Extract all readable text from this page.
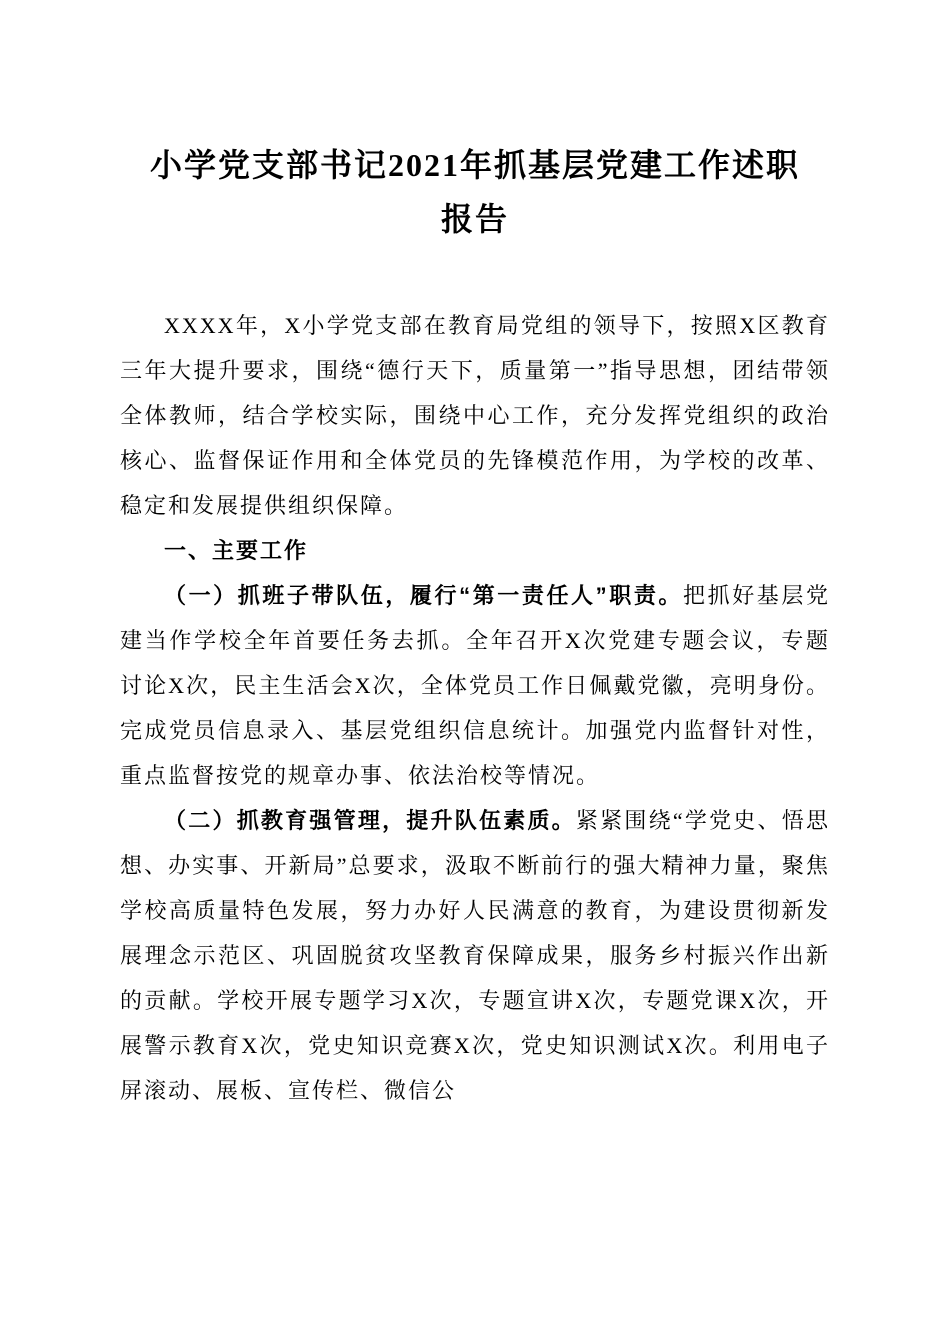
小学党支部书记2021年抓基层党建工作述职
报告

XXXX年，X小学党支部在教育局党组的领导下，按照X区教育三年大提升要求，围绕“德行天下，质量第一”指导思想，团结带领全体教师，结合学校实际，围绕中心工作，充分发挥党组织的政治核心、监督保证作用和全体党员的先锋模范作用，为学校的改革、稳定和发展提供组织保障。

一、主要工作

（一）抓班子带队伍，履行“第一责任人”职责。把抓好基层党建当作学校全年首要任务去抓。全年召开X次党建专题会议，专题讨论X次，民主生活会X次，全体党员工作日佩戴党徽，亮明身份。完成党员信息录入、基层党组织信息统计。加强党内监督针对性，重点监督按党的规章办事、依法治校等情况。

（二）抓教育强管理，提升队伍素质。紧紧围绕“学党史、悟思想、办实事、开新局”总要求，汲取不断前行的强大精神力量，聚焦学校高质量特色发展，努力办好人民满意的教育，为建设贯彻新发展理念示范区、巩固脱贫攻坚教育保障成果，服务乡村振兴作出新的贡献。学校开展专题学习X次，专题宣讲X次，专题党课X次，开展警示教育X次，党史知识竞赛X次，党史知识测试X次。利用电子屏滚动、展板、宣传栏、微信公
